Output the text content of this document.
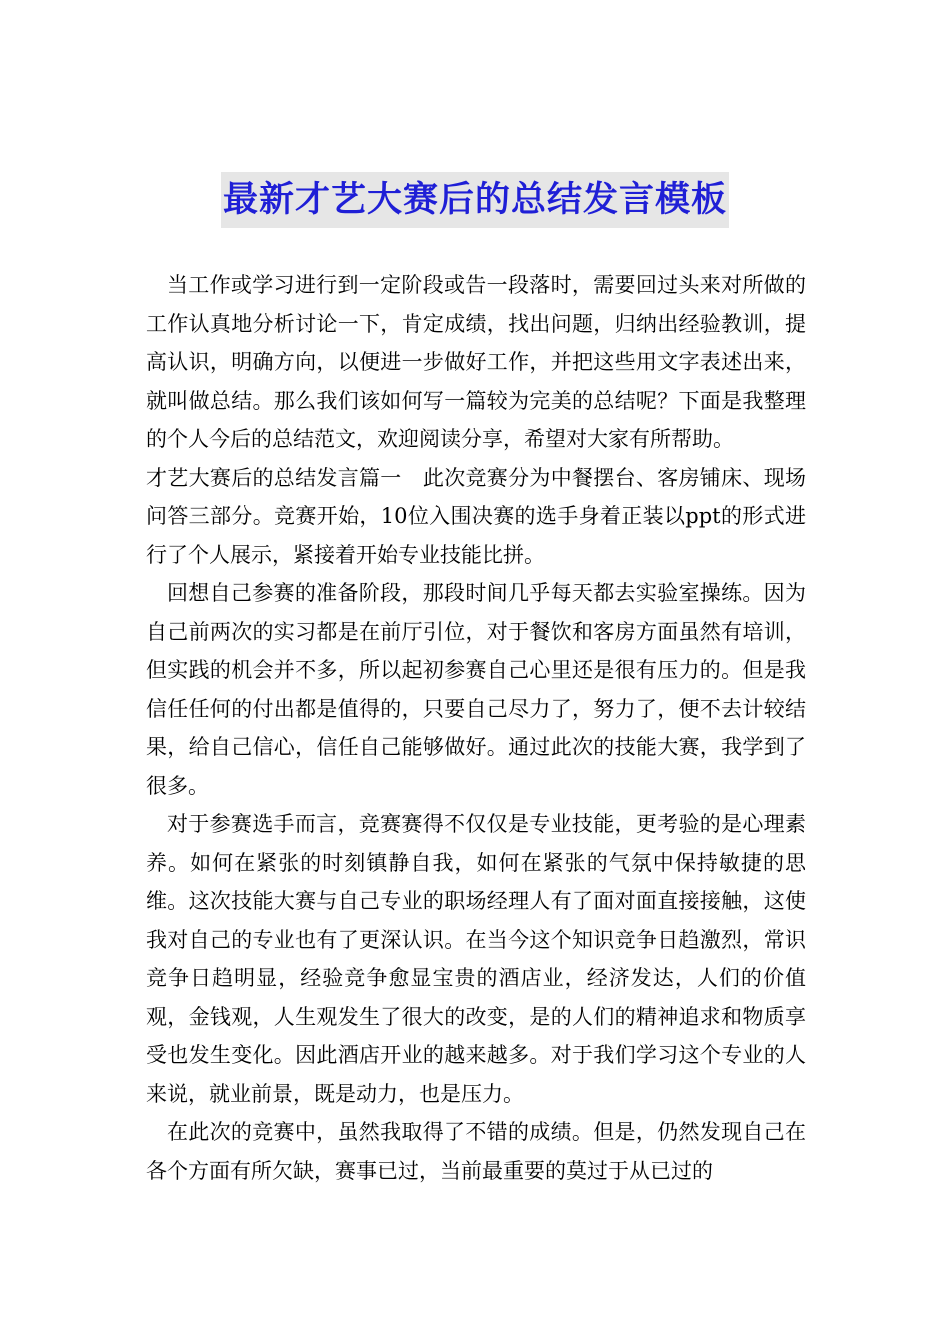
最新才艺大赛后的总结发言模板

当工作或学习进行到一定阶段或告一段落时，需要回过头来对所做的工作认真地分析讨论一下，肯定成绩，找出问题，归纳出经验教训，提高认识，明确方向，以便进一步做好工作，并把这些用文字表述出来，就叫做总结。那么我们该如何写一篇较为完美的总结呢？下面是我整理的个人今后的总结范文，欢迎阅读分享，希望对大家有所帮助。

才艺大赛后的总结发言篇一　此次竞赛分为中餐摆台、客房铺床、现场问答三部分。竞赛开始，10位入围决赛的选手身着正装以ppt的形式进行了个人展示，紧接着开始专业技能比拼。

回想自己参赛的准备阶段，那段时间几乎每天都去实验室操练。因为自己前两次的实习都是在前厅引位，对于餐饮和客房方面虽然有培训，但实践的机会并不多，所以起初参赛自己心里还是很有压力的。但是我信任任何的付出都是值得的，只要自己尽力了，努力了，便不去计较结果，给自己信心，信任自己能够做好。通过此次的技能大赛，我学到了很多。

对于参赛选手而言，竞赛赛得不仅仅是专业技能，更考验的是心理素养。如何在紧张的时刻镇静自我，如何在紧张的气氛中保持敏捷的思维。这次技能大赛与自己专业的职场经理人有了面对面直接接触，这使我对自己的专业也有了更深认识。在当今这个知识竞争日趋激烈，常识竞争日趋明显，经验竞争愈显宝贵的酒店业，经济发达，人们的价值观，金钱观，人生观发生了很大的改变，是的人们的精神追求和物质享受也发生变化。因此酒店开业的越来越多。对于我们学习这个专业的人来说，就业前景，既是动力，也是压力。

在此次的竞赛中，虽然我取得了不错的成绩。但是，仍然发现自己在各个方面有所欠缺，赛事已过，当前最重要的莫过于从已过的
